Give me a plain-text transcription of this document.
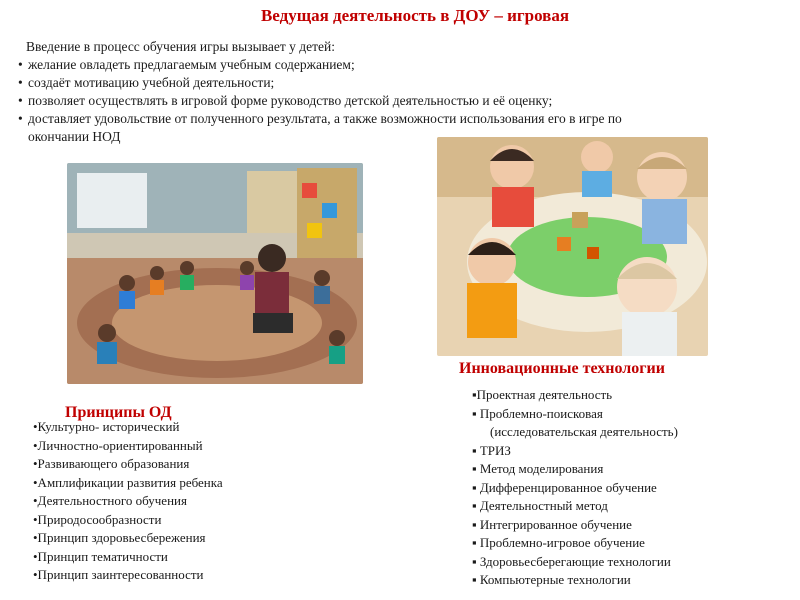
Ведущая деятельность в ДОУ – игровая
Введение в процесс обучения игры вызывает у детей:
• желание овладеть предлагаемым учебным содержанием;
• создаёт мотивацию учебной деятельности;
• позволяет осуществлять в игровой форме руководство детской деятельностью и её оценку;
• доставляет удовольствие от полученного результата, а также возможности использования его в игре по
окончании НОД
Инновационные технологии
Принципы ОД
•Культурно- исторический
•Личностно-ориентированный
•Развивающего образования
•Амплификации развития ребенка
•Деятельностного обучения
•Природосообразности
•Принцип здоровьесбережения
•Принцип тематичности
•Принцип заинтересованности
▪Проектная деятельность
▪ Проблемно-поисковая
(исследовательская деятельность)
▪ ТРИЗ
▪ Метод моделирования
▪ Дифференцированное обучение
▪ Деятельностный метод
▪ Интегрированное обучение
▪ Проблемно-игровое обучение
▪ Здоровьесберегающие технологии
▪ Компьютерные технологии
